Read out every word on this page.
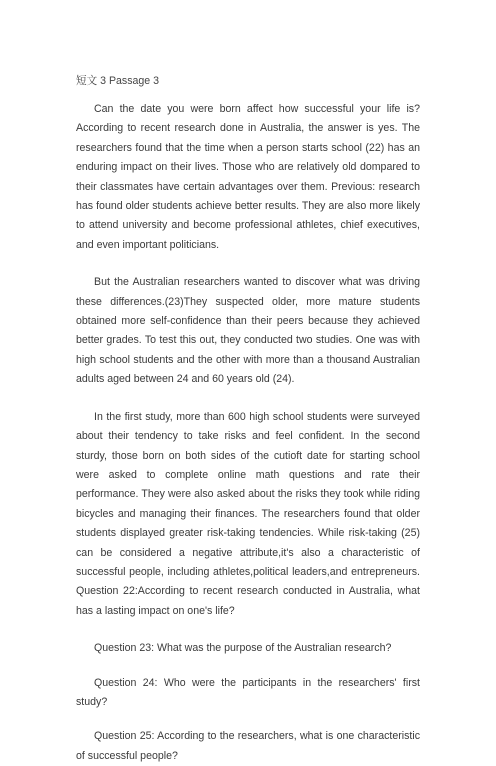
短文 3 Passage 3

Can the date you were born affect how successful your life is? According to recent research done in Australia, the answer is yes. The researchers found that the time when a person starts school (22) has an enduring impact on their lives. Those who are relatively old dompared to their classmates have certain advantages over them. Previous: research has found older students achieve better results. They are also more likely to attend university and become professional athletes, chief executives, and even important politicians.

But the Australian researchers wanted to discover what was driving these differences.(23)They suspected older, more mature students obtained more self-confidence than their peers because they achieved better grades. To test this out, they conducted two studies. One was with high school students and the other with more than a thousand Australian adults aged between 24 and 60 years old (24).

In the first study, more than 600 high school students were surveyed about their tendency to take risks and feel confident. In the second sturdy, those born on both sides of the cutioft date for starting school were asked to complete online math questions and rate their performance. They were also asked about the risks they took while riding bicycles and managing their finances. The researchers found that older students displayed greater risk-taking tendencies. While risk-taking (25) can be considered a negative attribute,it's also a characteristic of successful people, including athletes,political leaders,and entrepreneurs. Question 22:According to recent research conducted in Australia, what has a lasting impact on one's life?

Question 23: What was the purpose of the Australian research?

Question 24: Who were the participants in the researchers' first study?

Question 25: According to the researchers, what is one characteristic of successful people?
